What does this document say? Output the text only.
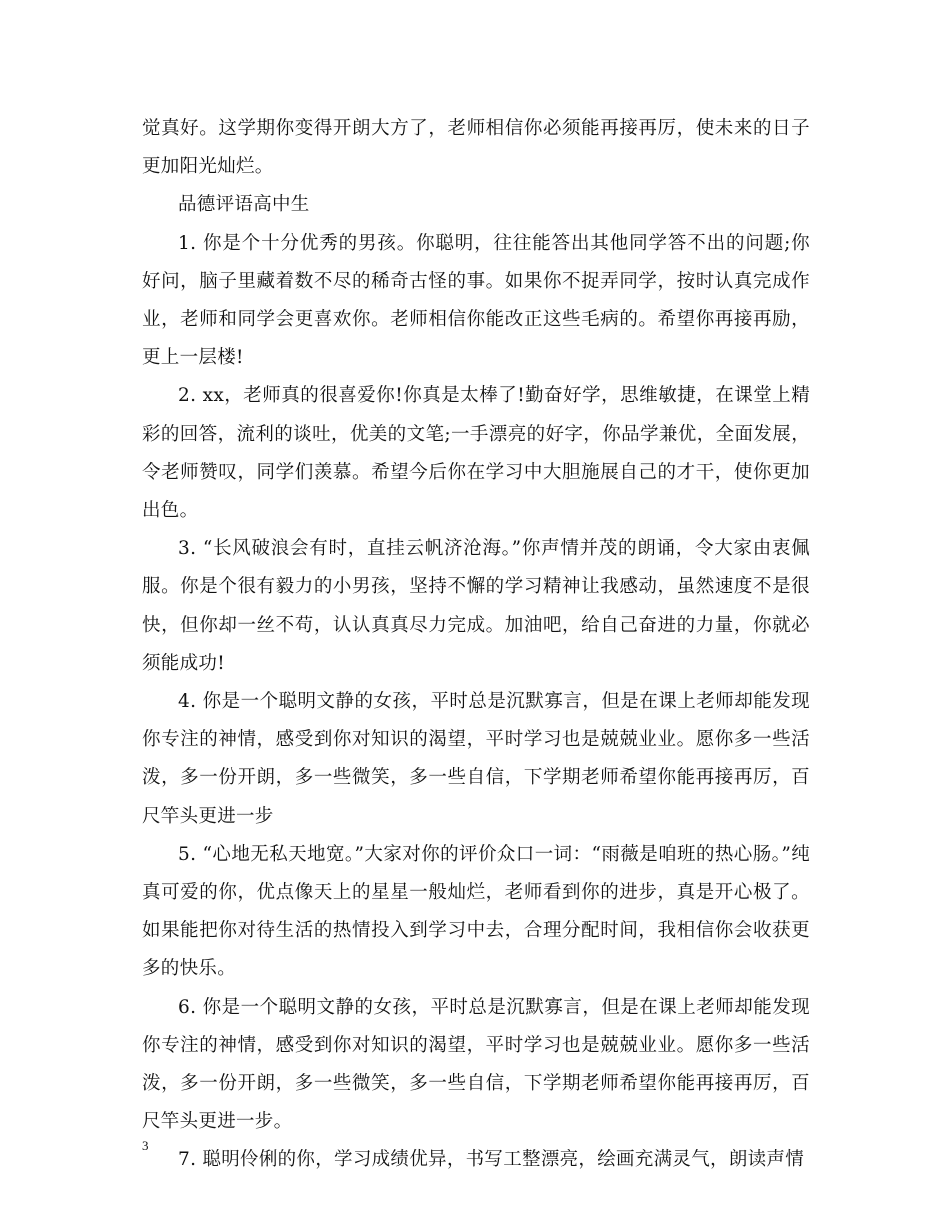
觉真好。这学期你变得开朗大方了，老师相信你必须能再接再厉，使未来的日子更加阳光灿烂。

品德评语高中生

1. 你是个十分优秀的男孩。你聪明，往往能答出其他同学答不出的问题;你好问，脑子里藏着数不尽的稀奇古怪的事。如果你不捉弄同学，按时认真完成作业，老师和同学会更喜欢你。老师相信你能改正这些毛病的。希望你再接再励，更上一层楼!

2. xx，老师真的很喜爱你!你真是太棒了!勤奋好学，思维敏捷，在课堂上精彩的回答，流利的谈吐，优美的文笔;一手漂亮的好字，你品学兼优，全面发展，令老师赞叹，同学们羡慕。希望今后你在学习中大胆施展自己的才干，使你更加出色。

3. “长风破浪会有时，直挂云帆济沧海。”你声情并茂的朗诵，令大家由衷佩服。你是个很有毅力的小男孩，坚持不懈的学习精神让我感动，虽然速度不是很快，但你却一丝不苟，认认真真尽力完成。加油吧，给自己奋进的力量，你就必须能成功!

4. 你是一个聪明文静的女孩，平时总是沉默寡言，但是在课上老师却能发现你专注的神情，感受到你对知识的渴望，平时学习也是兢兢业业。愿你多一些活泼，多一份开朗，多一些微笑，多一些自信，下学期老师希望你能再接再厉，百尺竿头更进一步

5. “心地无私天地宽。”大家对你的评价众口一词：“雨薇是咱班的热心肠。”纯真可爱的你，优点像天上的星星一般灿烂，老师看到你的进步，真是开心极了。如果能把你对待生活的热情投入到学习中去，合理分配时间，我相信你会收获更多的快乐。

6. 你是一个聪明文静的女孩，平时总是沉默寡言，但是在课上老师却能发现你专注的神情，感受到你对知识的渴望，平时学习也是兢兢业业。愿你多一些活泼，多一份开朗，多一些微笑，多一些自信，下学期老师希望你能再接再厉，百尺竿头更进一步。

7. 聪明伶俐的你，学习成绩优异，书写工整漂亮，绘画充满灵气，朗读声情

3
